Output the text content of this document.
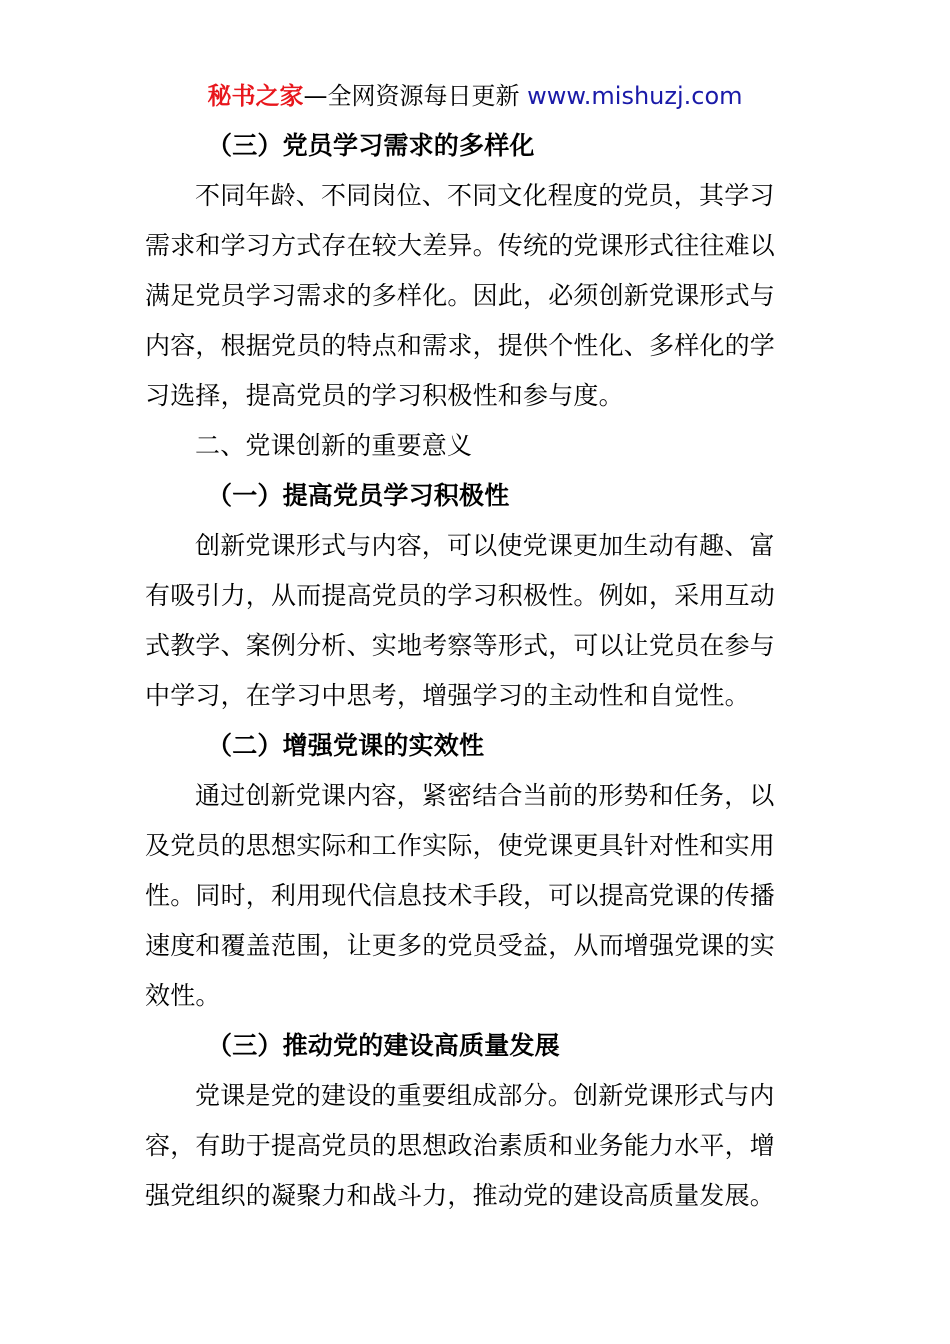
秘书之家—全网资源每日更新 www.mishuzj.com
（三）党员学习需求的多样化
不同年龄、不同岗位、不同文化程度的党员，其学习
需求和学习方式存在较大差异。传统的党课形式往往难以
满足党员学习需求的多样化。因此，必须创新党课形式与
内容，根据党员的特点和需求，提供个性化、多样化的学
习选择，提高党员的学习积极性和参与度。
二、党课创新的重要意义
（一）提高党员学习积极性
创新党课形式与内容，可以使党课更加生动有趣、富
有吸引力，从而提高党员的学习积极性。例如，采用互动
式教学、案例分析、实地考察等形式，可以让党员在参与
中学习，在学习中思考，增强学习的主动性和自觉性。
（二）增强党课的实效性
通过创新党课内容，紧密结合当前的形势和任务，以
及党员的思想实际和工作实际，使党课更具针对性和实用
性。同时，利用现代信息技术手段，可以提高党课的传播
速度和覆盖范围，让更多的党员受益，从而增强党课的实
效性。
（三）推动党的建设高质量发展
党课是党的建设的重要组成部分。创新党课形式与内
容，有助于提高党员的思想政治素质和业务能力水平，增
强党组织的凝聚力和战斗力，推动党的建设高质量发展。
